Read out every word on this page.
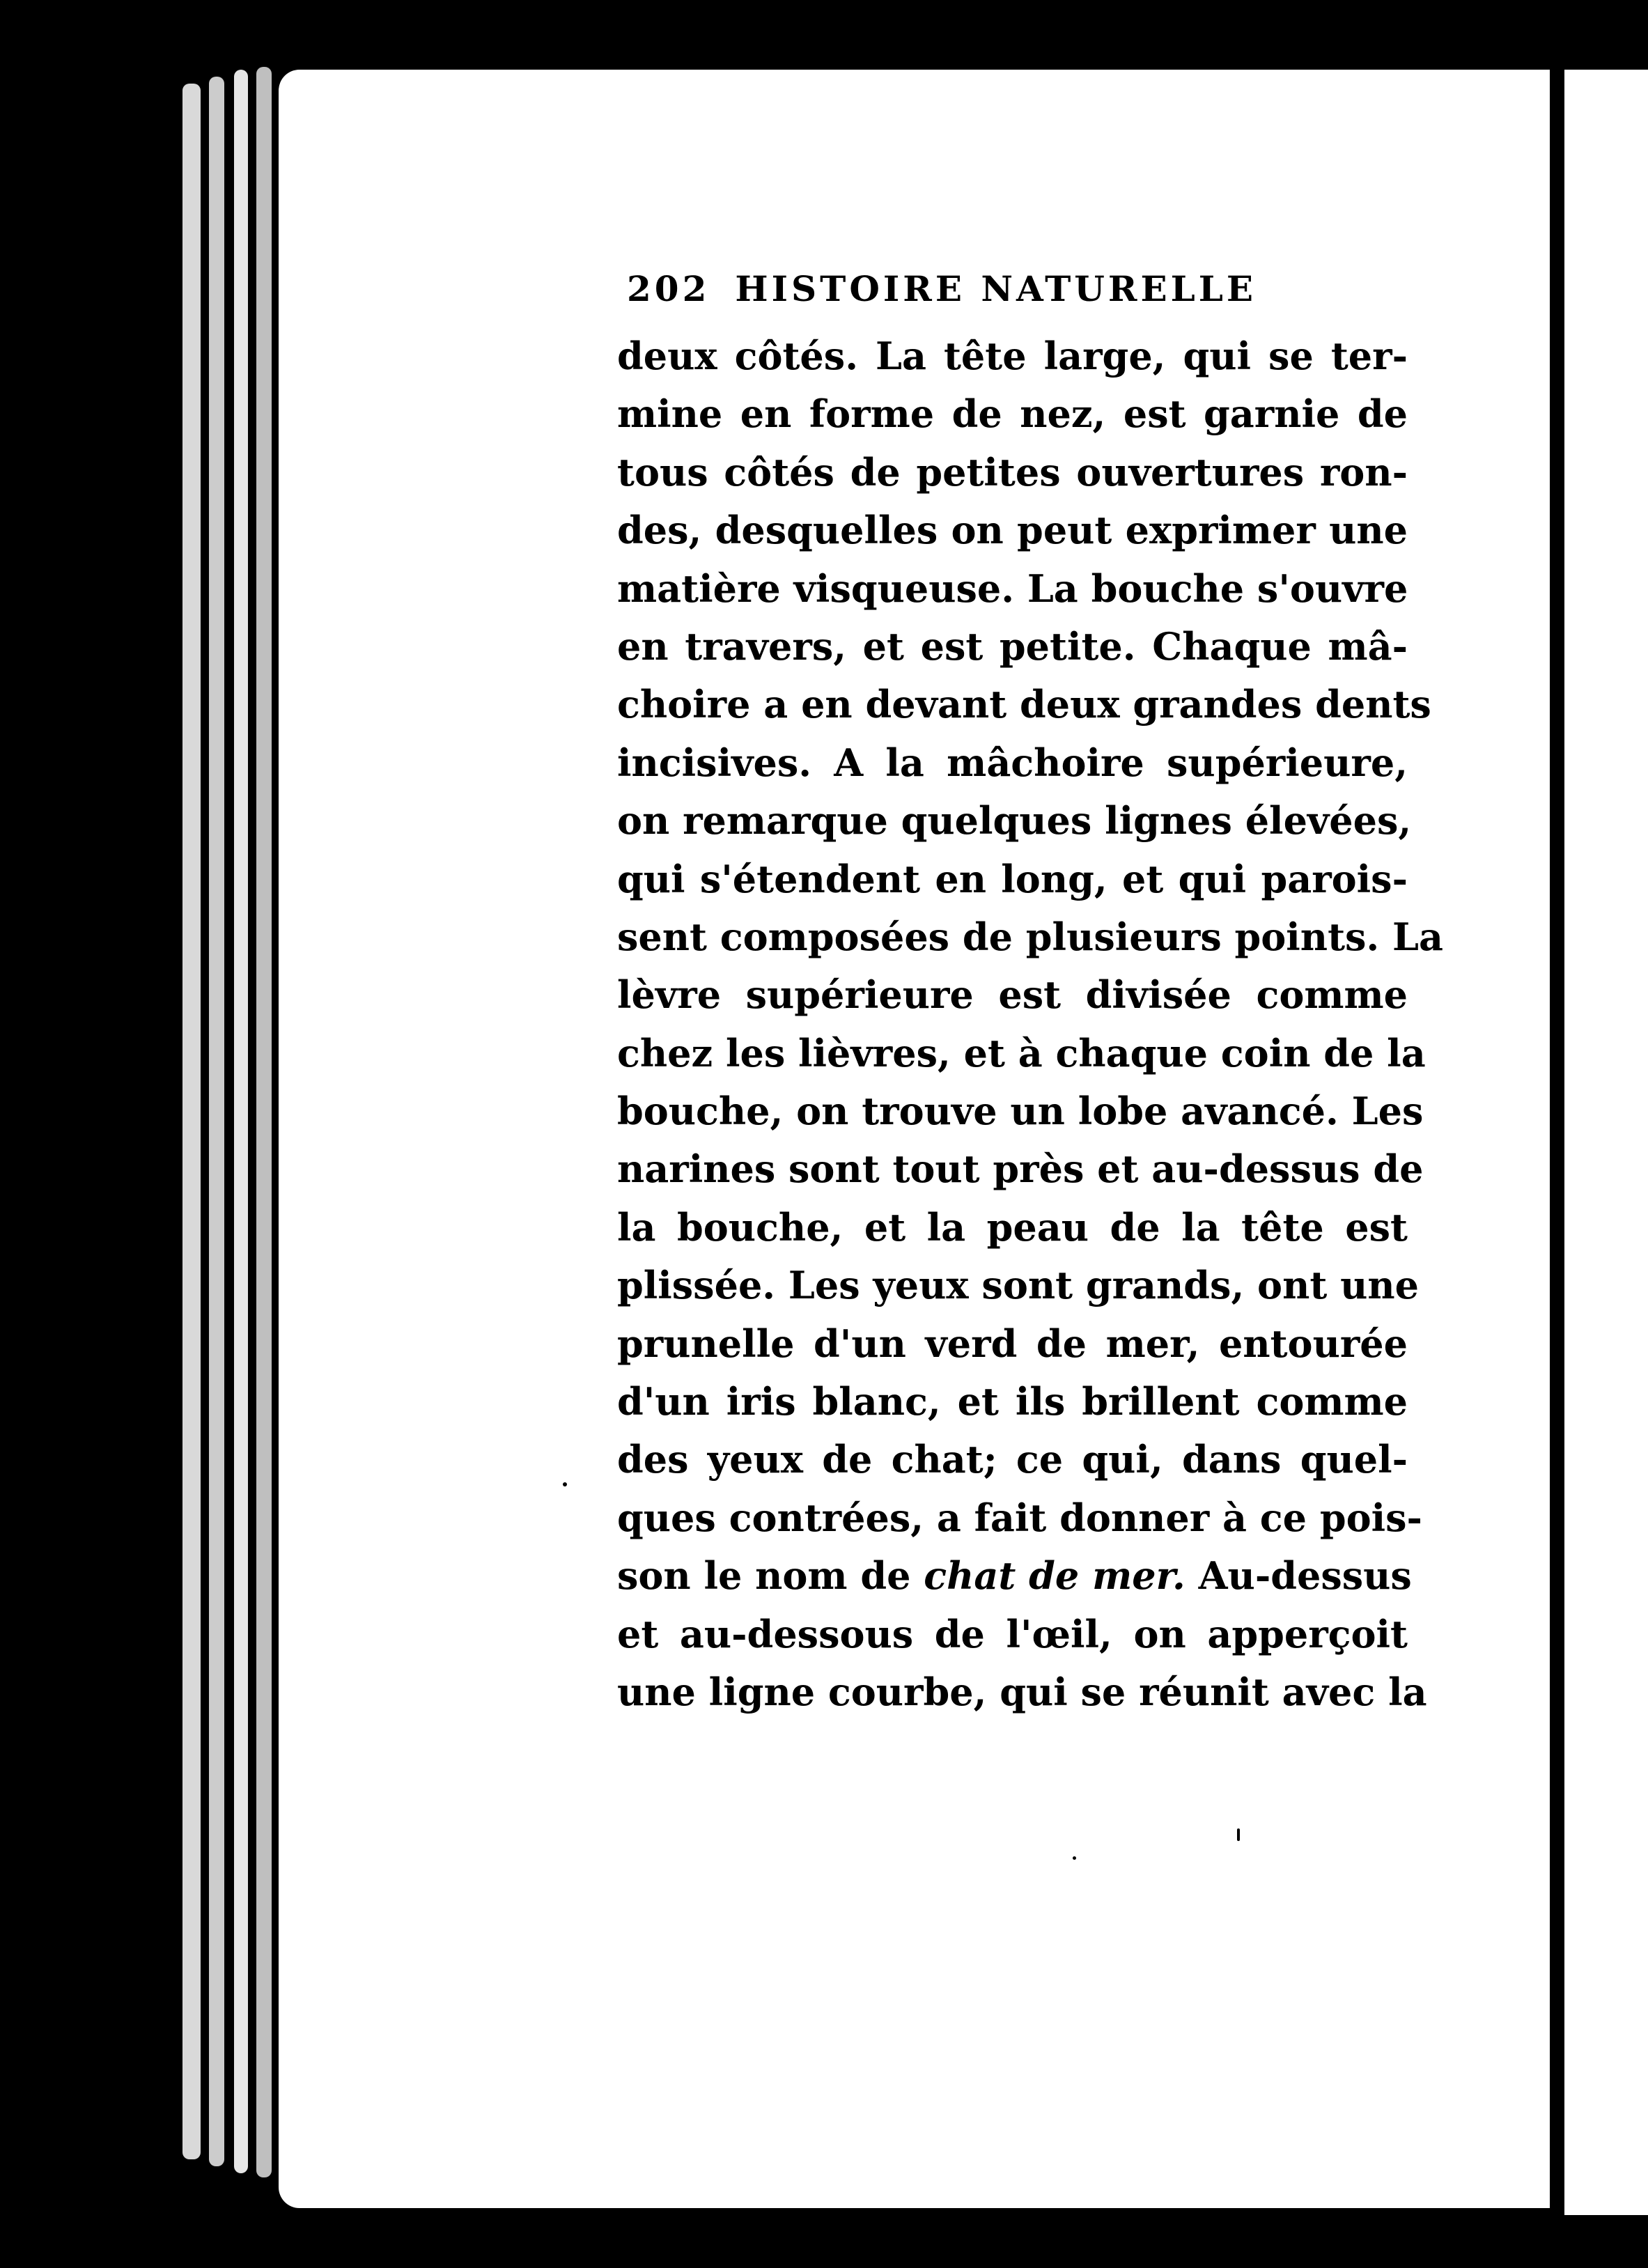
202 HISTOIRE NATURELLE
deux côtés. La tête large, qui se ter-
mine en forme de nez, est garnie de
tous côtés de petites ouvertures ron-
des, desquelles on peut exprimer une
matière visqueuse. La bouche s'ouvre
en travers, et est petite. Chaque mâ-
choire a en devant deux grandes dents
incisives. A la mâchoire supérieure,
on remarque quelques lignes élevées,
qui s'étendent en long, et qui parois-
sent composées de plusieurs points. La
lèvre supérieure est divisée comme
chez les lièvres, et à chaque coin de la
bouche, on trouve un lobe avancé. Les
narines sont tout près et au-dessus de
la bouche, et la peau de la tête est
plissée. Les yeux sont grands, ont une
prunelle d'un verd de mer, entourée
d'un iris blanc, et ils brillent comme
des yeux de chat; ce qui, dans quel-
ques contrées, a fait donner à ce pois-
son le nom de chat de mer. Au-dessus
et au-dessous de l'œil, on apperçoit
une ligne courbe, qui se réunit avec la
